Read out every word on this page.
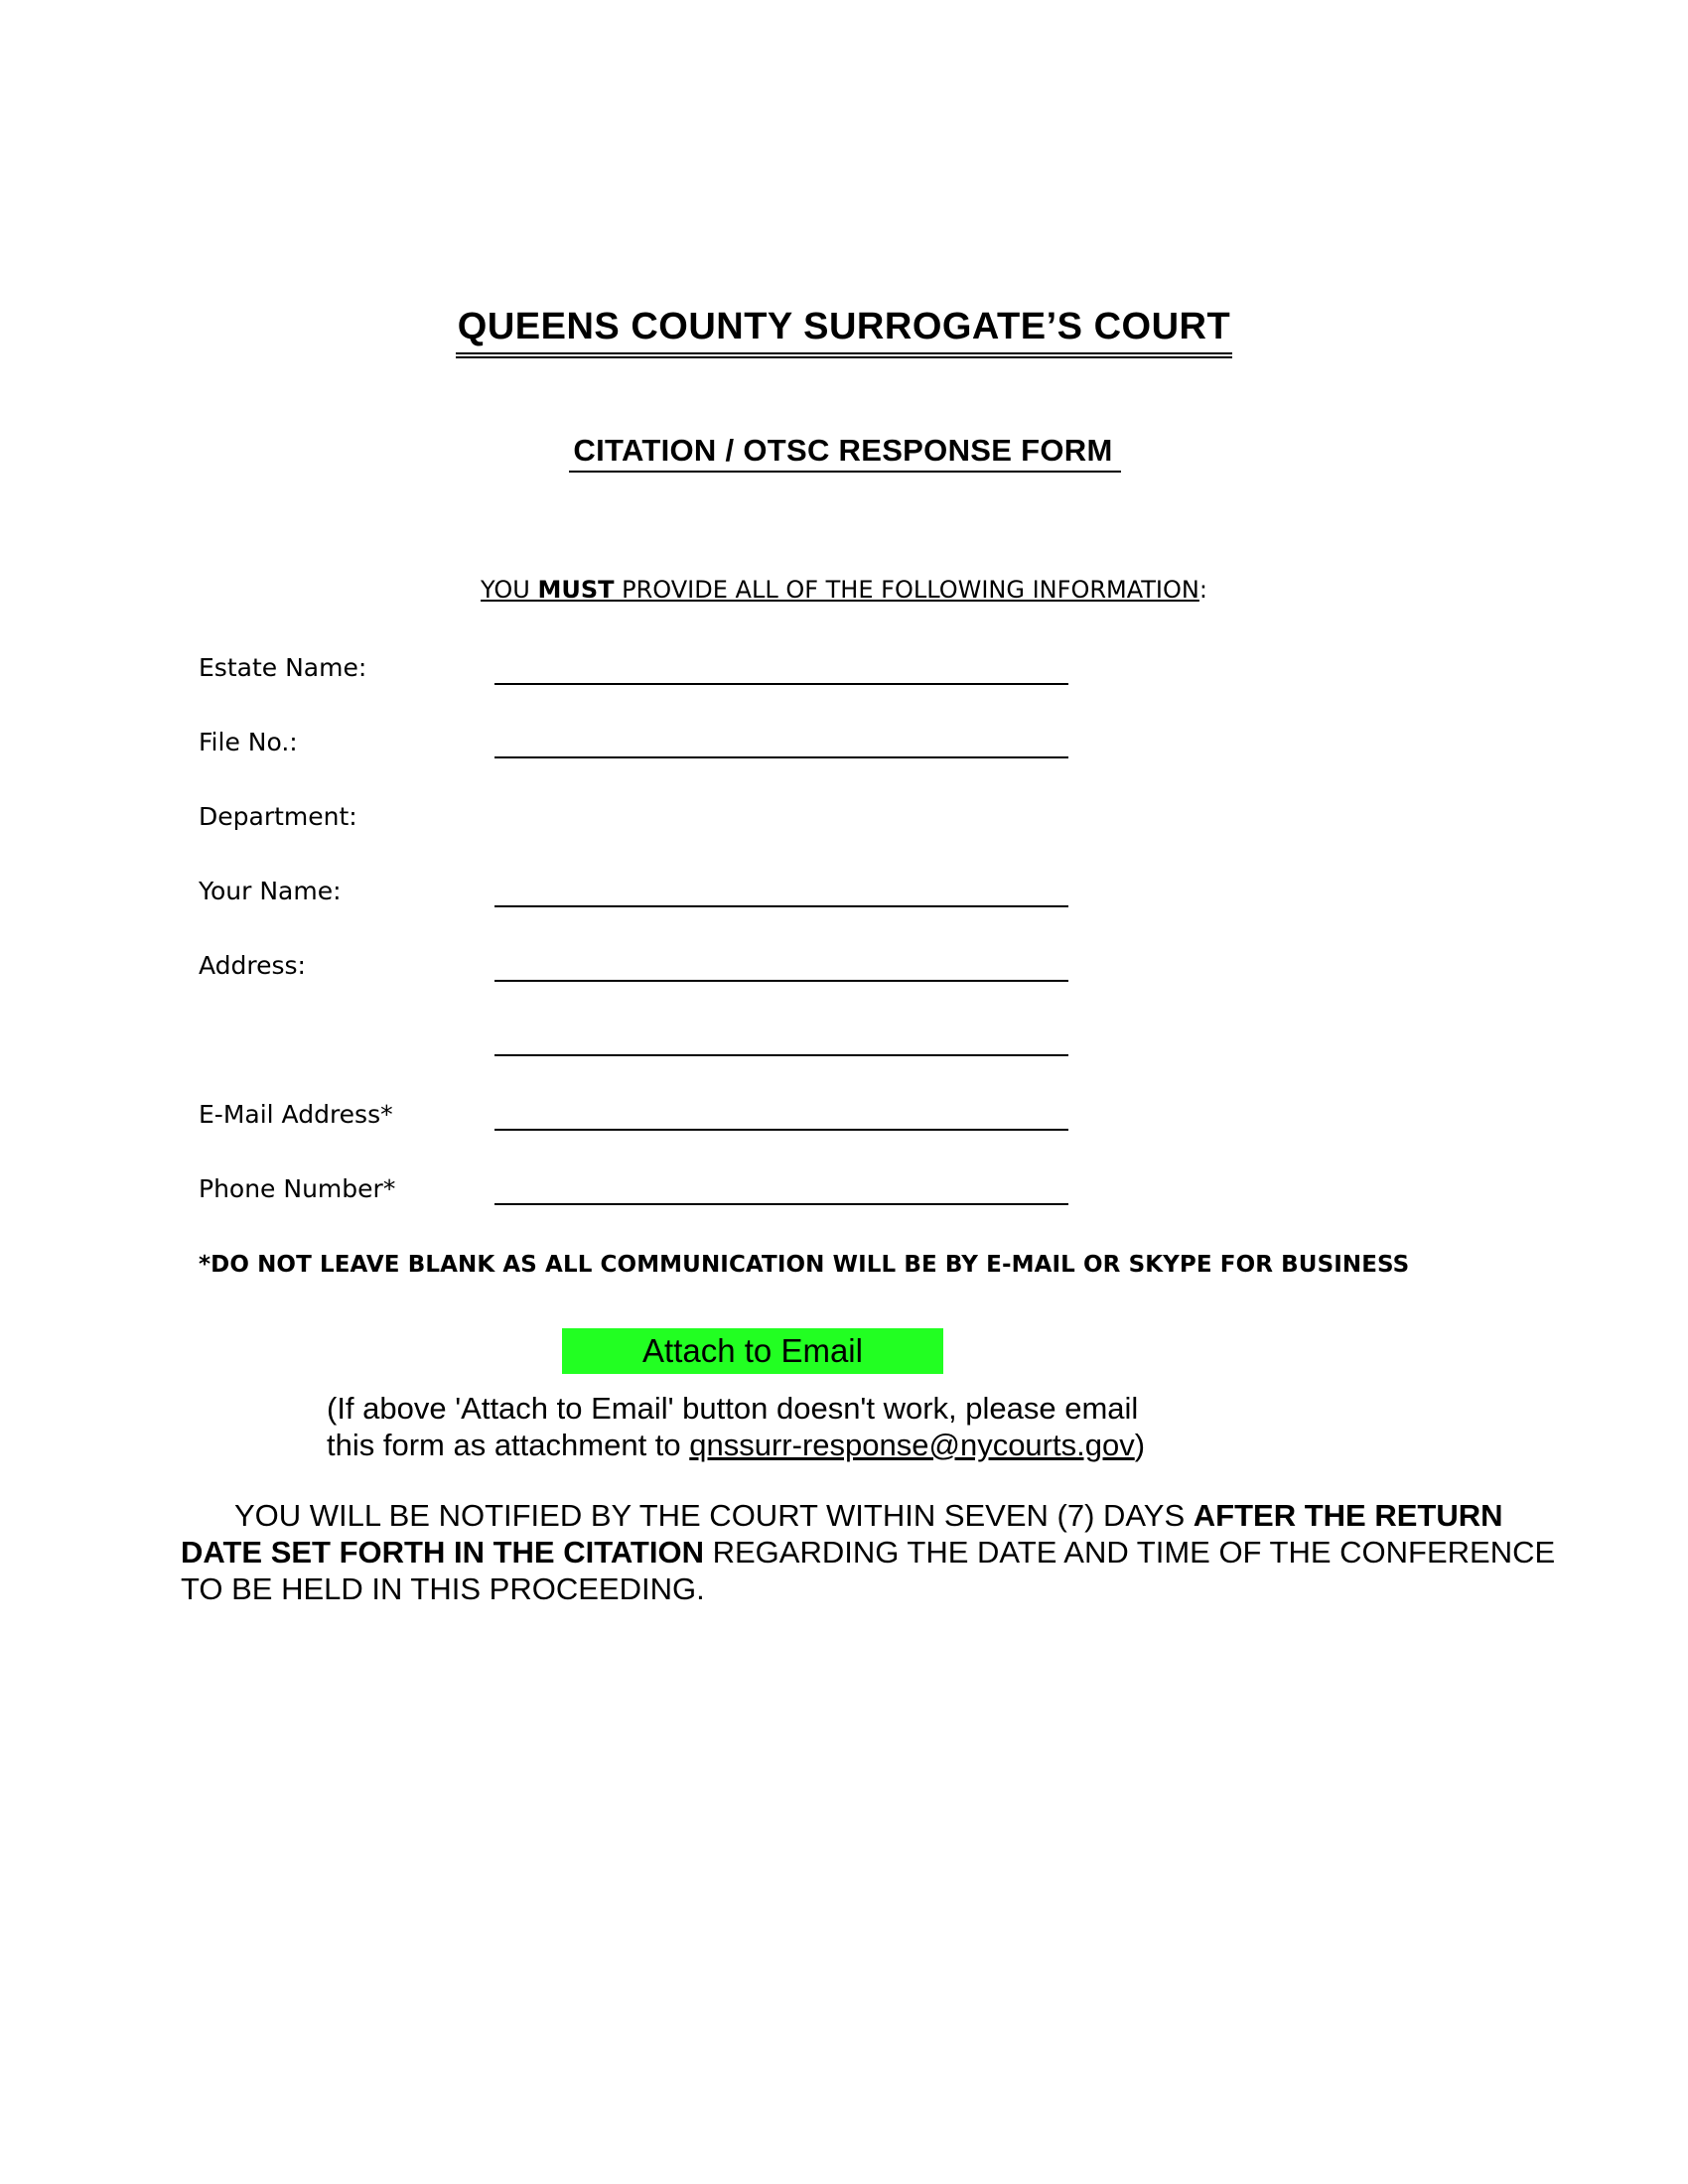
QUEENS COUNTY SURROGATE’S COURT
CITATION / OTSC RESPONSE FORM
YOU MUST PROVIDE ALL OF THE FOLLOWING INFORMATION:
Estate Name:
File No.:
Department:
Your Name:
Address:
E-Mail Address*
Phone Number*
*DO NOT LEAVE BLANK AS ALL COMMUNICATION WILL BE BY E-MAIL OR SKYPE FOR BUSINESS
Attach to Email
(If above 'Attach to Email' button doesn't work, please email
this form as attachment to qnssurr-response@nycourts.gov)
YOU WILL BE NOTIFIED BY THE COURT WITHIN SEVEN (7) DAYS AFTER THE RETURN DATE SET FORTH IN THE CITATION REGARDING THE DATE AND TIME OF THE CONFERENCE TO BE HELD IN THIS PROCEEDING.
